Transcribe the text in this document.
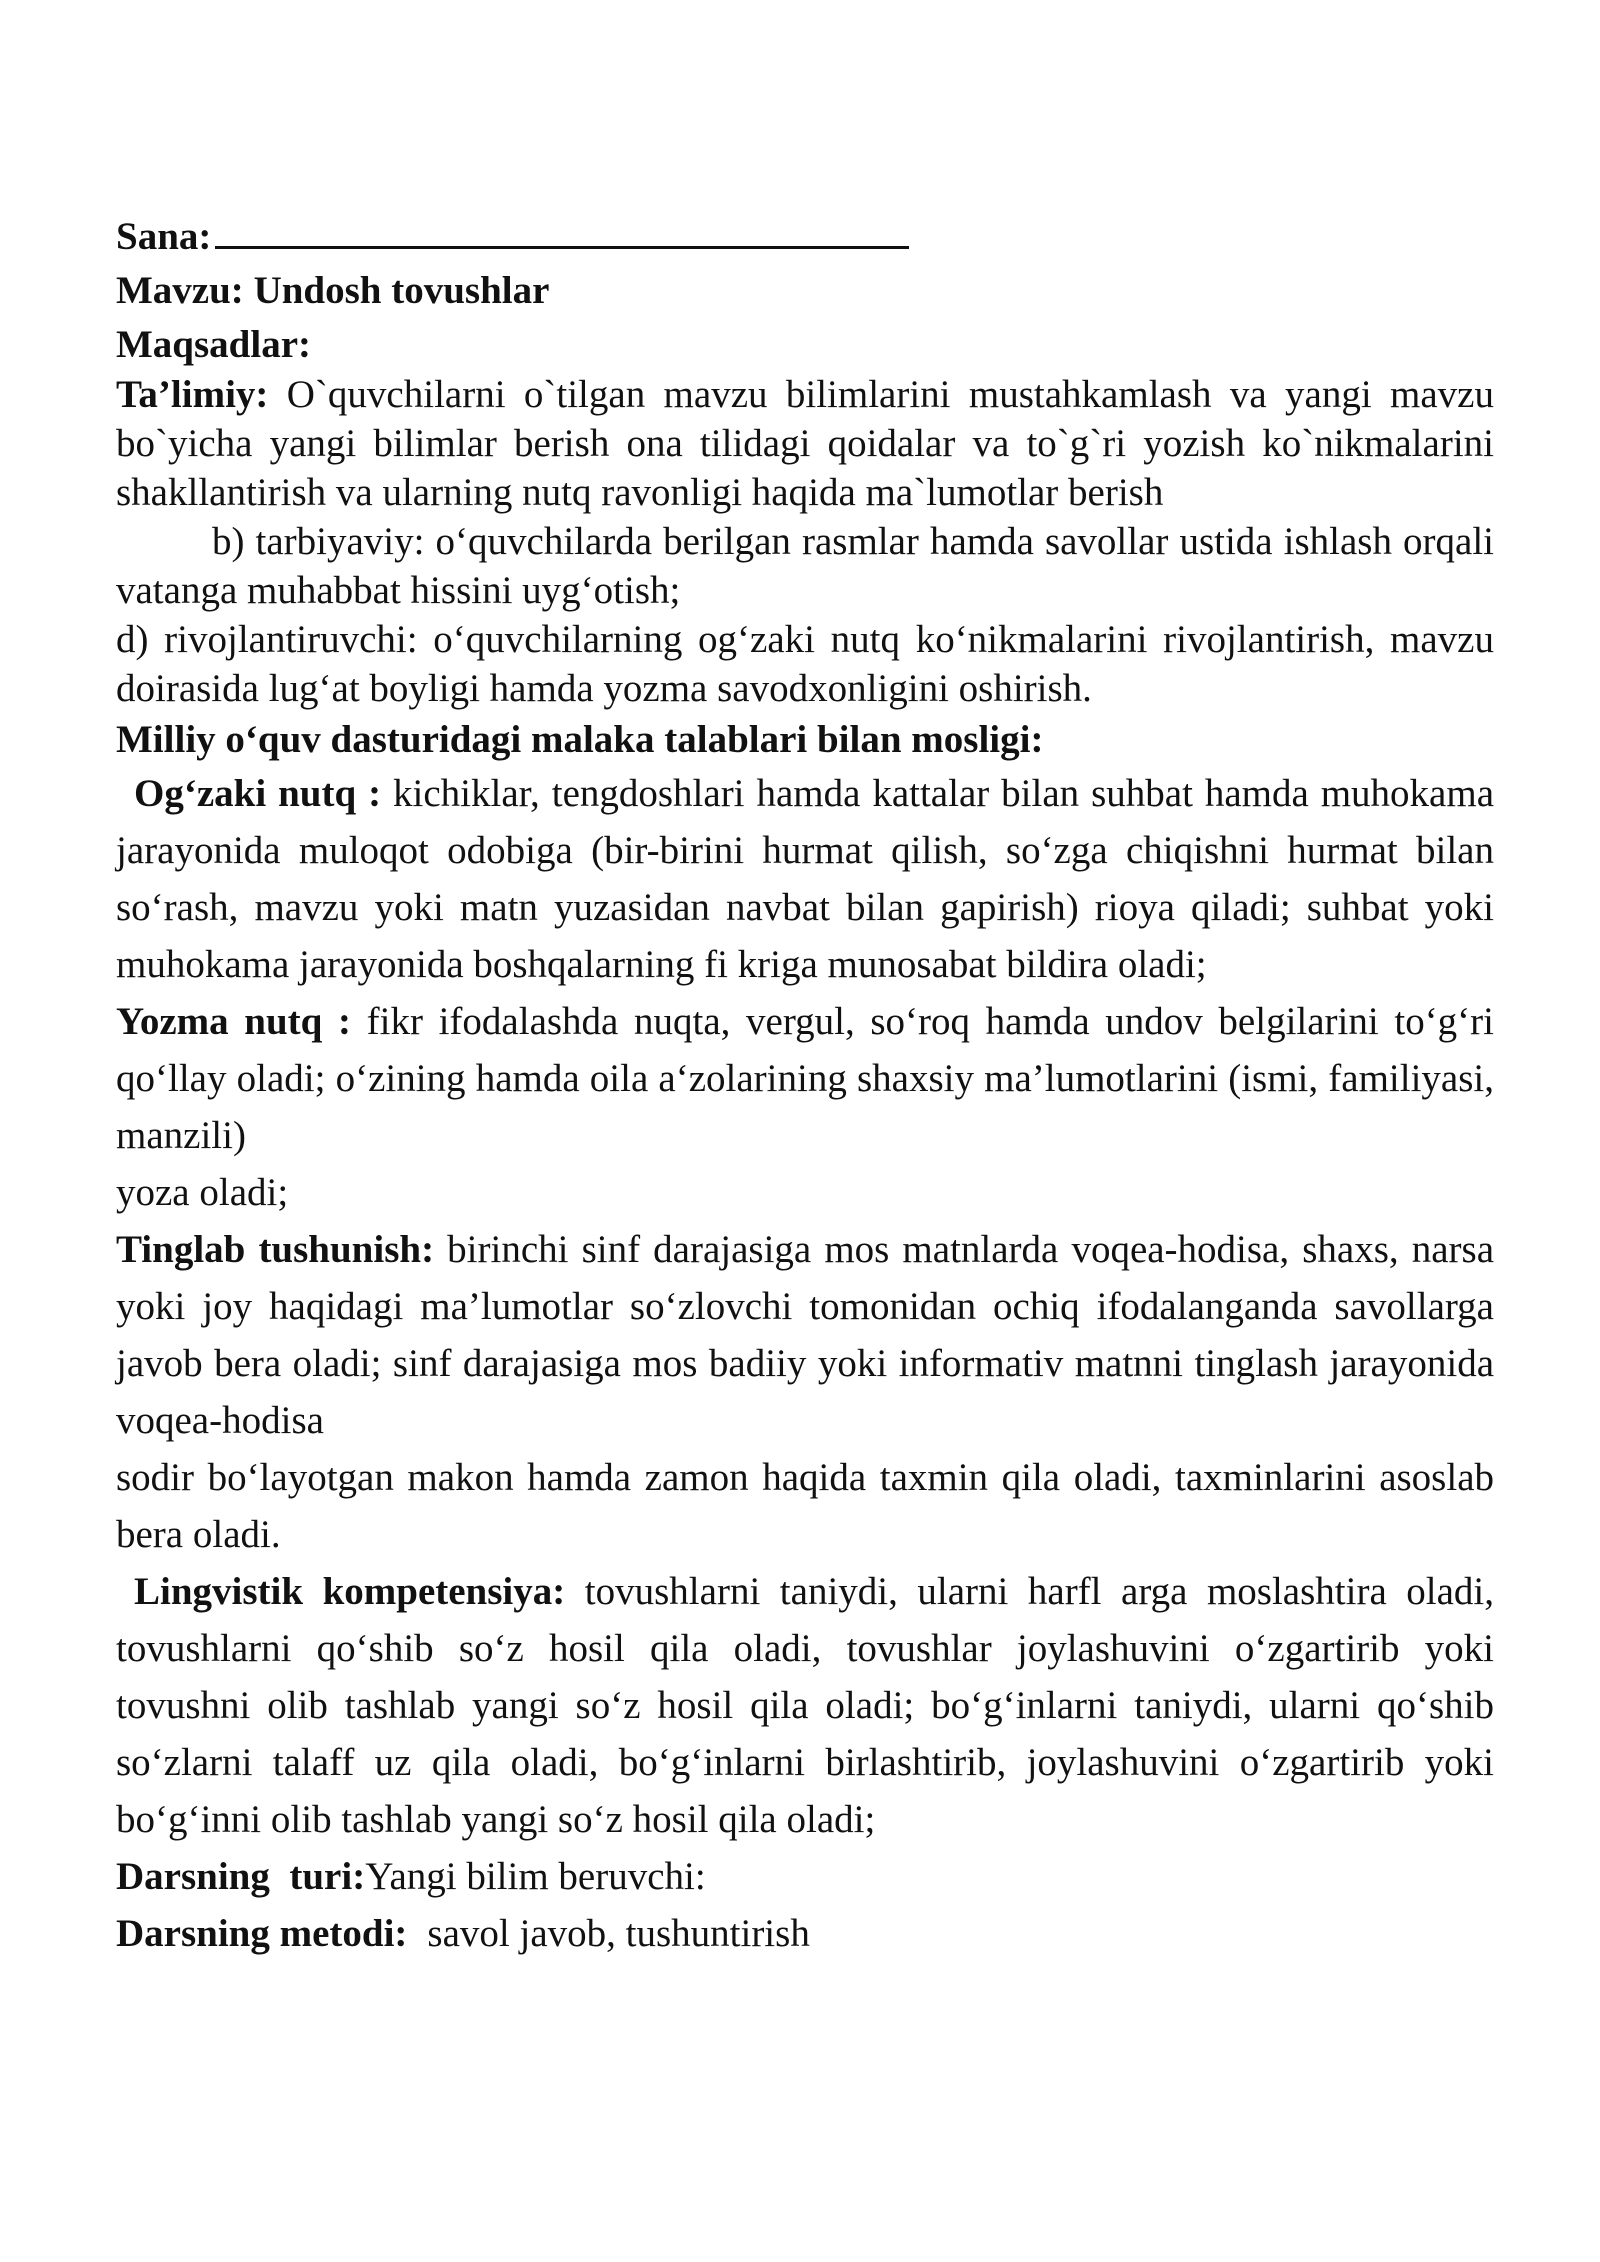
Sana:

Mavzu: Undosh tovushlar

Maqsadlar:

Ta’limiy: O`quvchilarni o`tilgan mavzu bilimlarini mustahkamlash va yangi mavzu bo`yicha yangi bilimlar berish ona tilidagi qoidalar va to`g`ri yozish ko`nikmalarini shakllantirish va ularning nutq ravonligi haqida ma`lumotlar berish

b) tarbiyaviy: o‘quvchilarda berilgan rasmlar hamda savollar ustida ishlash orqali vatanga muhabbat hissini uyg‘otish;

d) rivojlantiruvchi: o‘quvchilarning og‘zaki nutq ko‘nikmalarini rivojlantirish, mavzu doirasida lug‘at boyligi hamda yozma savodxonligini oshirish.

Milliy o‘quv dasturidagi malaka talablari bilan mosligi:

Og‘zaki nutq : kichiklar, tengdoshlari hamda kattalar bilan suhbat hamda muhokama jarayonida muloqot odobiga (bir-birini hurmat qilish, so‘zga chiqishni hurmat bilan so‘rash, mavzu yoki matn yuzasidan navbat bilan gapirish) rioya qiladi; suhbat yoki muhokama jarayonida boshqalarning fi kriga munosabat bildira oladi;

Yozma nutq : fikr ifodalashda nuqta, vergul, so‘roq hamda undov belgilarini to‘g‘ri qo‘llay oladi; o‘zining hamda oila a‘zolarining shaxsiy ma’lumotlarini (ismi, familiyasi, manzili)

yoza oladi;

Tinglab tushunish: birinchi sinf darajasiga mos matnlarda voqea-hodisa, shaxs, narsa yoki joy haqidagi ma’lumotlar so‘zlovchi tomonidan ochiq ifodalanganda savollarga javob bera oladi; sinf darajasiga mos badiiy yoki informativ matnni tinglash jarayonida voqea-hodisa

sodir bo‘layotgan makon hamda zamon haqida taxmin qila oladi, taxminlarini asoslab bera oladi.

Lingvistik kompetensiya: tovushlarni taniydi, ularni harfl arga moslashtira oladi, tovushlarni qo‘shib so‘z hosil qila oladi, tovushlar joylashuvini o‘zgartirib yoki tovushni olib tashlab yangi so‘z hosil qila oladi; bo‘g‘inlarni taniydi, ularni qo‘shib so‘zlarni talaff uz qila oladi, bo‘g‘inlarni birlashtirib, joylashuvini o‘zgartirib yoki bo‘g‘inni olib tashlab yangi so‘z hosil qila oladi;

Darsning  turi:Yangi bilim beruvchi:

Darsning metodi: savol javob, tushuntirish
